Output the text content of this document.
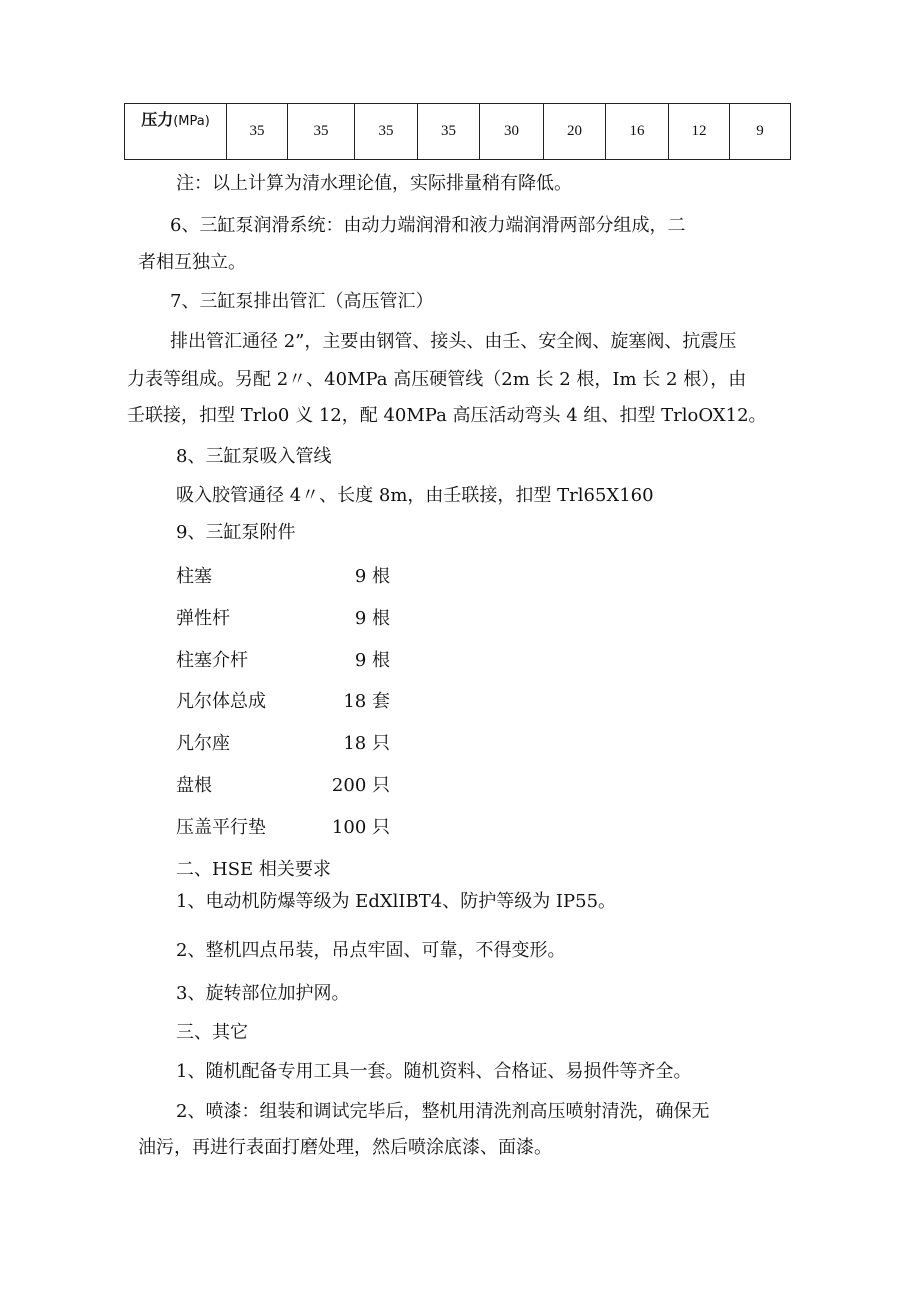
压力(MPa)	35	35	35	35	30	20	16	12	9
注：以上计算为清水理论值，实际排量稍有降低。
6、三缸泵润滑系统：由动力端润滑和液力端润滑两部分组成，二
者相互独立。
7、三缸泵排出管汇（高压管汇）
排出管汇通径 2”，主要由钢管、接头、由壬、安全阀、旋塞阀、抗震压
力表等组成。另配 2〃、40MPa 高压硬管线（2m 长 2 根，Im 长 2 根），由
壬联接，扣型 Trlo0 义 12，配 40MPa 高压活动弯头 4 组、扣型 TrloOX12。
8、三缸泵吸入管线
吸入胶管通径 4〃、长度 8m，由壬联接，扣型 Trl65X160
9、三缸泵附件
柱塞	9 根
弹性杆	9 根
柱塞介杆	9 根
凡尔体总成	18 套
凡尔座	18 只
盘根	200 只
压盖平行垫	100 只
二、HSE 相关要求
1、电动机防爆等级为 EdXlIBT4、防护等级为 IP55。
2、整机四点吊装，吊点牢固、可靠，不得变形。
3、旋转部位加护网。
三、其它
1、随机配备专用工具一套。随机资料、合格证、易损件等齐全。
2、喷漆：组装和调试完毕后，整机用清洗剂高压喷射清洗，确保无
油污，再进行表面打磨处理，然后喷涂底漆、面漆。
